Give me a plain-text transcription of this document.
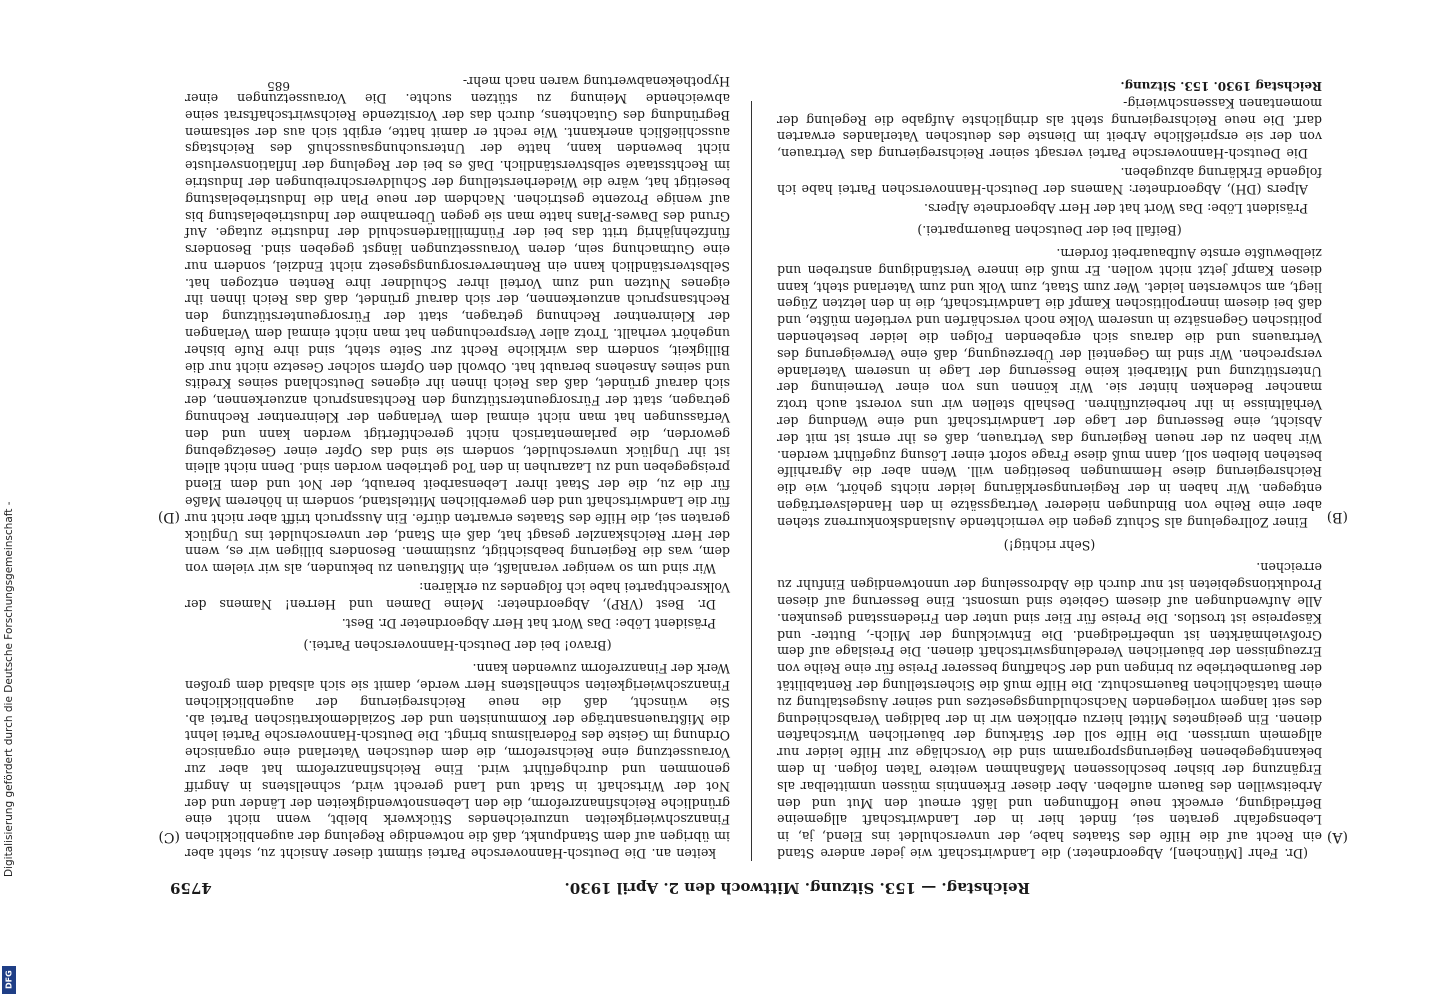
Reichstag. — 153. Sitzung. Mittwoch den 2. April 1930.
4759
(A)
(B)
(C)
(D)

(Dr. Fehr [München], Abgeordneter.) die Landwirtschaft wie jeder andere Stand ein Recht auf die Hilfe des Staates habe, der unverschuldet ins Elend, ja, in Lebensgefahr geraten sei, findet hier in der Landwirtschaft allgemeine Befriedigung, erweckt neue Hoffnungen und läßt erneut den Mut und den Arbeitswillen des Bauern aufleben. Aber dieser Erkenntnis müssen unmittelbar als Ergänzung der bisher beschlossenen Maßnahmen weitere Taten folgen. In dem bekanntgegebenen Regierungsprogramm sind die Vorschläge zur Hilfe leider nur allgemein umrissen. Die Hilfe soll der Stärkung der bäuerlichen Wirtschaften dienen. Ein geeignetes Mittel hierzu erblicken wir in der baldigen Verabschiedung des seit langem vorliegenden Nachschuldungsgesetzes und seiner Ausgestaltung zu einem tatsächlichen Bauernschutz. Die Hilfe muß die Sicherstellung der Rentabilität der Bauernbetriebe zu bringen und der Schaffung besserer Preise für eine Reihe von Erzeugnissen der bäuerlichen Veredelungswirtschaft dienen. Die Preislage auf dem Großviehmärkten ist unbefriedigend. Die Entwicklung der Milch-, Butter- und Käsepreise ist trostlos. Die Preise für Eier sind unter den Friedensstand gesunken. Alle Aufwendungen auf diesem Gebiete sind umsonst. Eine Besserung auf diesen Produktionsgebieten ist nur durch die Abdrosselung der unnotwendigen Einfuhr zu erreichen.

(Sehr richtig!)

Einer Zollregelung als Schutz gegen die vernichtende Auslandskonkurrenz stehen aber eine Reihe von Bindungen niederer Vertragssätze in den Handelsverträgen entgegen. Wir haben in der Regierungserklärung leider nichts gehört, wie die Reichsregierung diese Hemmungen beseitigen will. Wenn aber die Agrarhilfe bestehen bleiben soll, dann muß diese Frage sofort einer Lösung zugeführt werden. Wir haben zu der neuen Regierung das Vertrauen, daß es ihr ernst ist mit der Absicht, eine Besserung der Lage der Landwirtschaft und eine Wendung der Verhältnisse in ihr herbeizuführen. Deshalb stellen wir uns vorerst auch trotz mancher Bedenken hinter sie. Wir können uns von einer Verneinung der Unterstützung und Mitarbeit keine Besserung der Lage in unserem Vaterlande versprechen. Wir sind im Gegenteil der Überzeugung, daß eine Verweigerung des Vertrauens und die daraus sich ergebenden Folgen die leider bestehenden politischen Gegensätze in unserem Volke noch verschärfen und vertiefen müßte, und daß bei diesem innerpolitischen Kampf die Landwirtschaft, die in den letzten Zügen liegt, am schwersten leidet. Wer zum Staat, zum Volk und zum Vaterland steht, kann diesen Kampf jetzt nicht wollen. Er muß die innere Verständigung anstreben und zielbewußte ernste Aufbauarbeit fordern.

(Beifall bei der Deutschen Bauernpartei.)

Präsident Löbe: Das Wort hat der Herr Abgeordnete Alpers.

Alpers (DH), Abgeordneter: Namens der Deutsch-Hannoverschen Partei habe ich folgende Erklärung abzugeben.

Die Deutsch-Hannoversche Partei versagt seiner Reichsregierung das Vertrauen, von der sie ersprießliche Arbeit im Dienste des deutschen Vaterlandes erwarten darf. Die neue Reichsregierung steht als dringlichste Aufgabe die Regelung der momentanen Kassenschwierig-

keiten an. Die Deutsch-Hannoversche Partei stimmt dieser Ansicht zu, steht aber im übrigen auf dem Standpunkt, daß die notwendige Regelung der augenblicklichen Finanzschwierigkeiten unzureichendes Stückwerk bleibt, wenn nicht eine gründliche Reichsfinanzreform, die den Lebensnotwendigkeiten der Länder und der Not der Wirtschaft in Stadt und Land gerecht wird, schnellstens in Angriff genommen und durchgeführt wird. Eine Reichsfinanzreform hat aber zur Voraussetzung eine Reichsreform, die dem deutschen Vaterland eine organische Ordnung im Geiste des Föderalismus bringt. Die Deutsch-Hannoversche Partei lehnt die Mißtrauensanträge der Kommunisten und der Sozialdemokratischen Partei ab. Sie wünscht, daß die neue Reichsregierung der augenblicklichen Finanzschwierigkeiten schnellstens Herr werde, damit sie sich alsbald dem großen Werk der Finanzreform zuwenden kann.

(Bravo! bei der Deutsch-Hannoverschen Partei.)

Präsident Löbe: Das Wort hat Herr Abgeordneter Dr. Best.

Dr. Best (VRP), Abgeordneter: Meine Damen und Herren! Namens der Volksrechtpartei habe ich folgendes zu erklären:

Wir sind um so weniger veranlaßt, ein Mißtrauen zu bekunden, als wir vielem von dem, was die Regierung beabsichtigt, zustimmen. Besonders billigen wir es, wenn der Herr Reichskanzler gesagt hat, daß ein Stand, der unverschuldet ins Unglück geraten sei, die Hilfe des Staates erwarten dürfe. Ein Ausspruch trifft aber nicht nur für die Landwirtschaft und den gewerblichen Mittelstand, sondern in höherem Maße für die zu, die der Staat ihrer Lebensarbeit beraubt, der Not und dem Elend preisgegeben und zu Lazaruhen in den Tod getrieben worden sind. Denn nicht allein ist ihr Unglück unverschuldet, sondern sie sind das Opfer einer Gesetzgebung geworden, die parlamentarisch nicht gerechtfertigt werden kann und den Verfassungen hat man nicht einmal dem Verlangen der Kleinrentner Rechnung getragen, statt der Fürsorgeunterstützung den Rechtsanspruch anzuerkennen, der sich darauf gründet, daß das Reich ihnen ihr eigenes Deutschland seines Kredits und seines Ansehens beraubt hat. Obwohl den Opfern solcher Gesetze nicht nur die Billigkeit, sondern das wirkliche Recht zur Seite steht, sind ihre Rufe bisher ungehört verhallt. Trotz aller Versprechungen hat man nicht einmal dem Verlangen der Kleinrentner Rechnung getragen, statt der Fürsorgeunterstützung den Rechtsanspruch anzuerkennen, der sich darauf gründet, daß das Reich ihnen ihr eigenes Nutzen und zum Vorteil ihrer Schuldner ihre Renten entzogen hat. Selbstverständlich kann ein Rentnerversorgungsgesetz nicht Endziel, sondern nur eine Gutmachung sein, deren Voraussetzungen längst gegeben sind. Besonders fünfzehnjährig tritt das bei der Fünfmilliardenschuld der Industrie zutage. Auf Grund des Dawes-Plans hatte man sie gegen Übernahme der Industriebelastung bis auf wenige Prozente gestrichen. Nachdem der neue Plan die Industriebelastung beseitigt hat, wäre die Wiederherstellung der Schuldverschreibungen der Industrie im Rechtsstaate selbstverständlich. Daß es bei der Regelung der Inflationsverluste nicht bewenden kann, hatte der Untersuchungsausschuß des Reichstags ausschließlich anerkannt. Wie recht er damit hatte, ergibt sich aus der seltsamen Begründung des Gutachtens, durch das der Vorsitzende Reichswirtschaftsrat seine abweichende Meinung zu stützen suchte. Die Voraussetzungen einer Hypothekenabwertung waren nach mehr-	Reichstag 1930. 153. Sitzung.
685
Digitalisierung gefördert durch die Deutsche Forschungsgemeinschaft -
DFG
